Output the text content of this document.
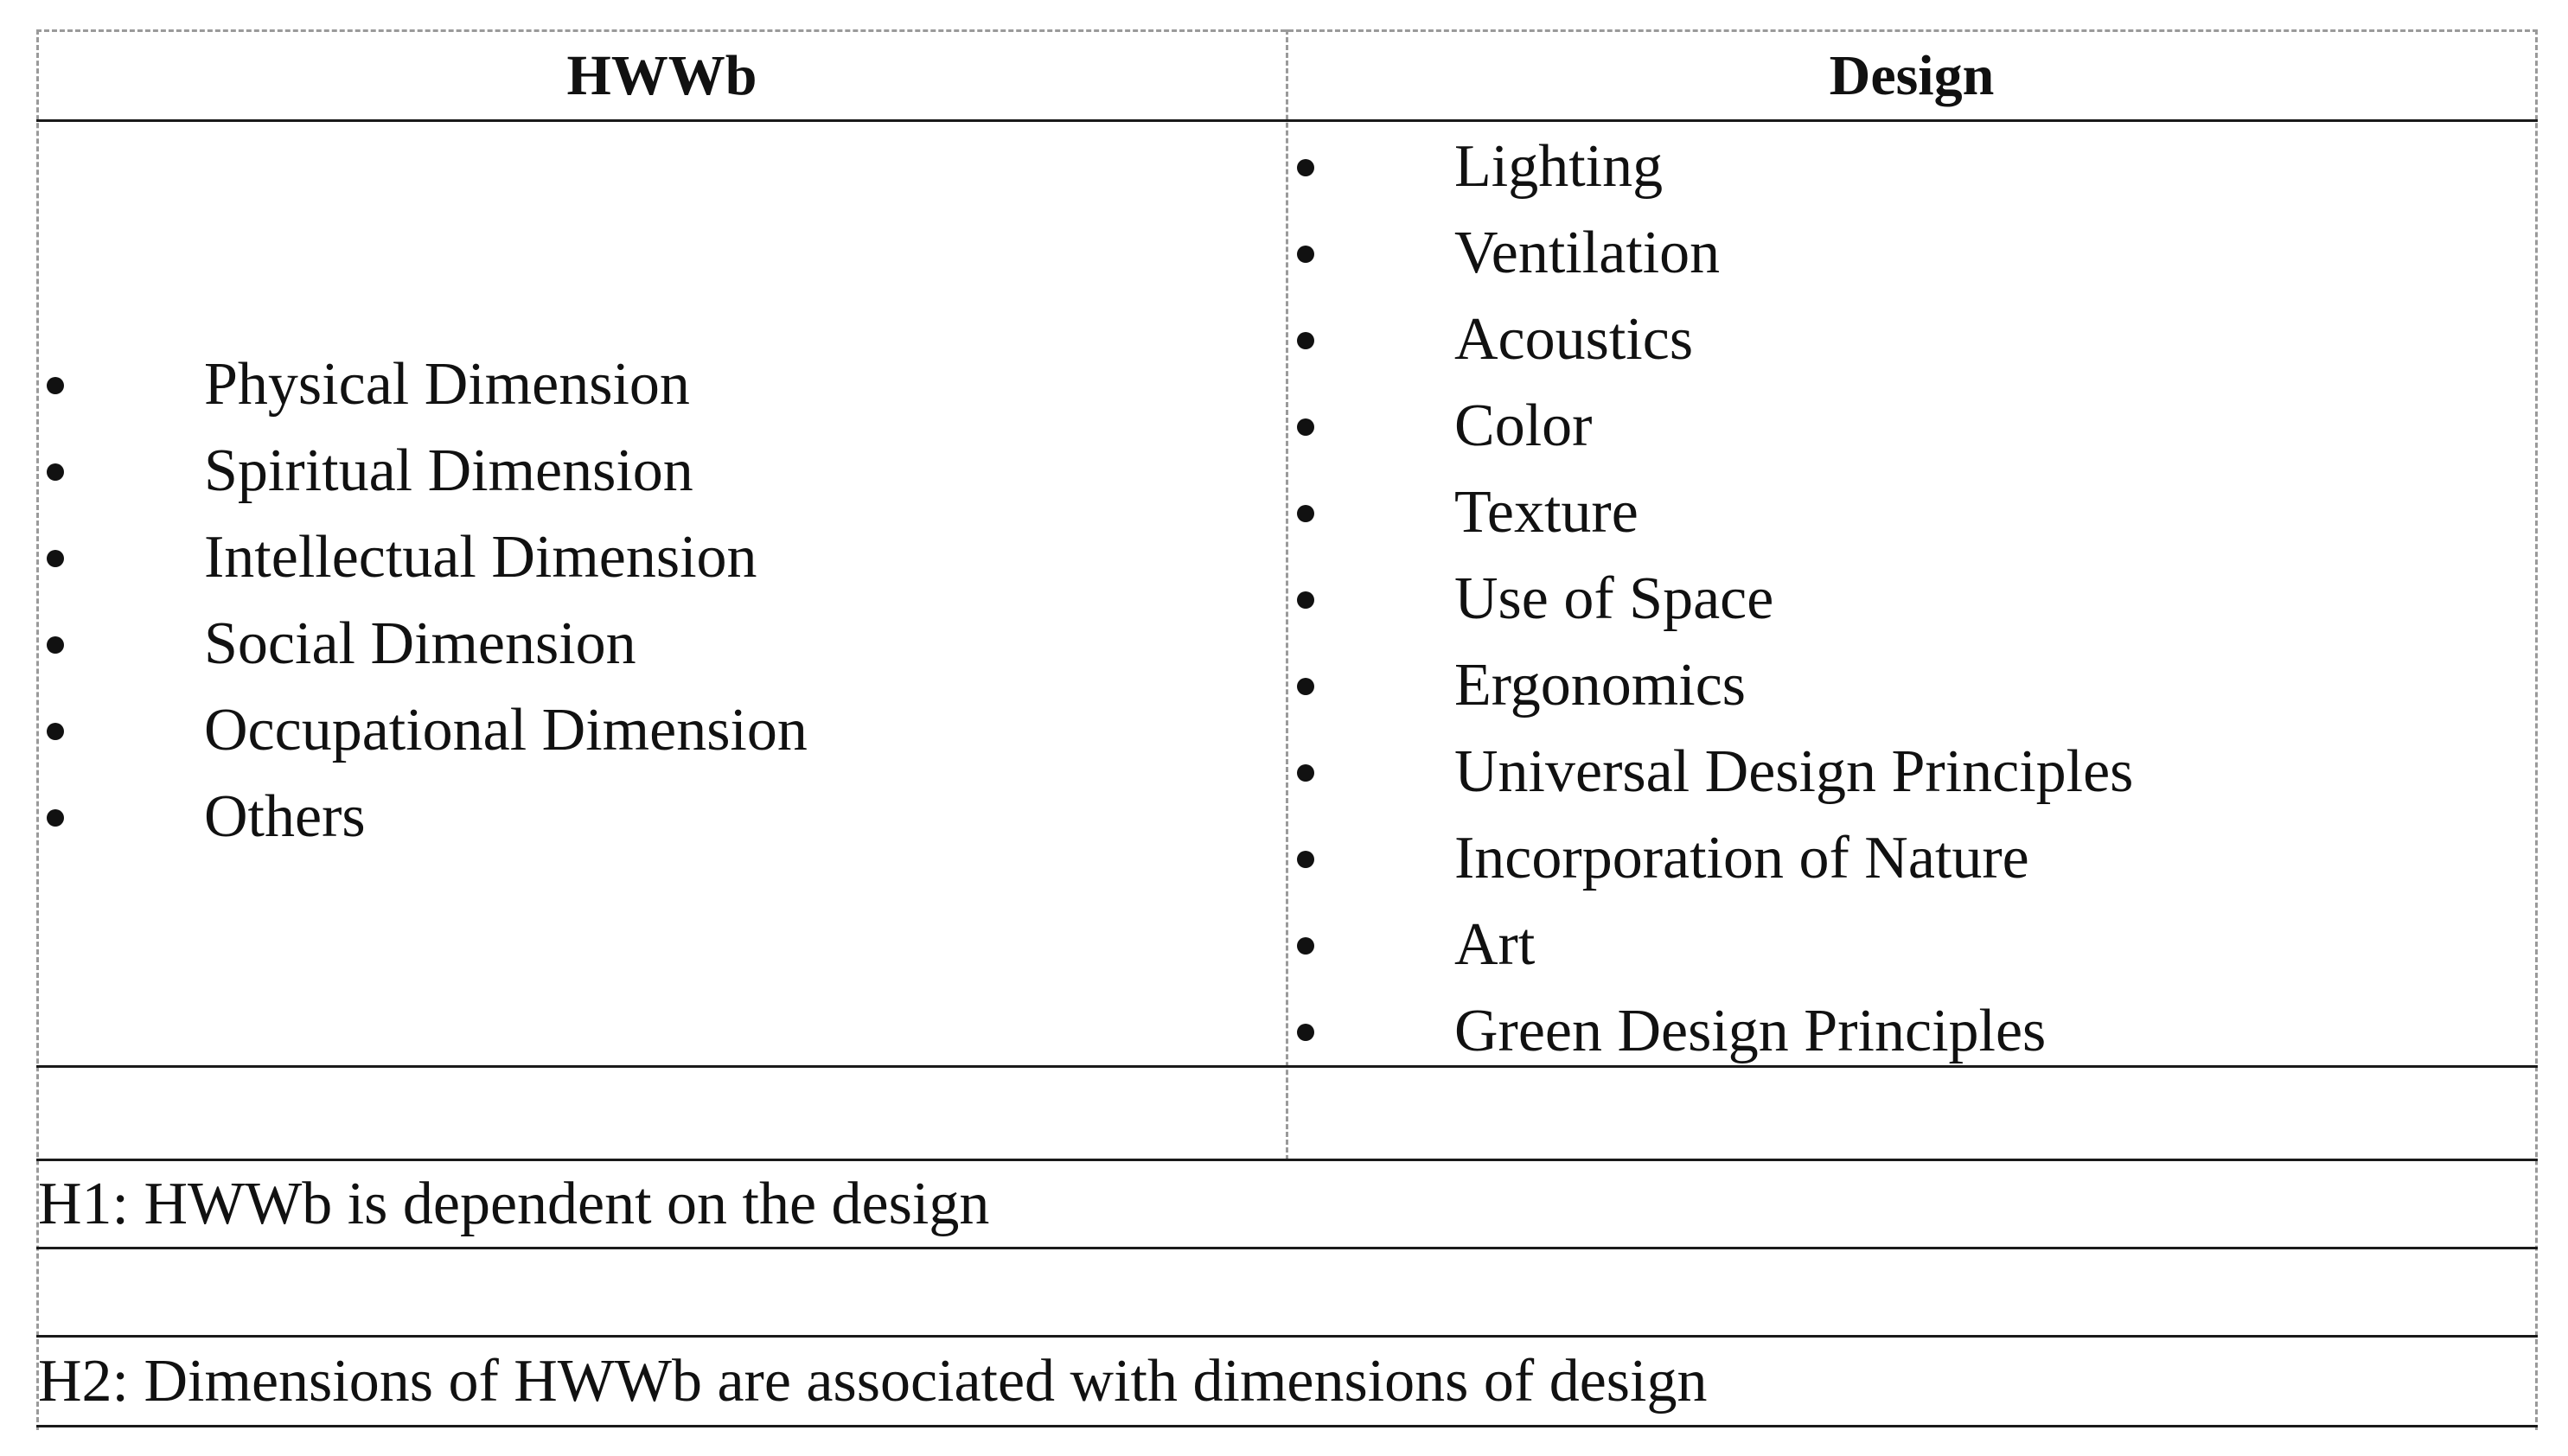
HWWb	Design
Physical Dimension
Spiritual Dimension
Intellectual Dimension
Social Dimension
Occupational Dimension
Others
Lighting
Ventilation
Acoustics
Color
Texture
Use of Space
Ergonomics
Universal Design Principles
Incorporation of Nature
Art
Green Design Principles
H1: HWWb is dependent on the design
H2: Dimensions of HWWb are associated with dimensions of design
